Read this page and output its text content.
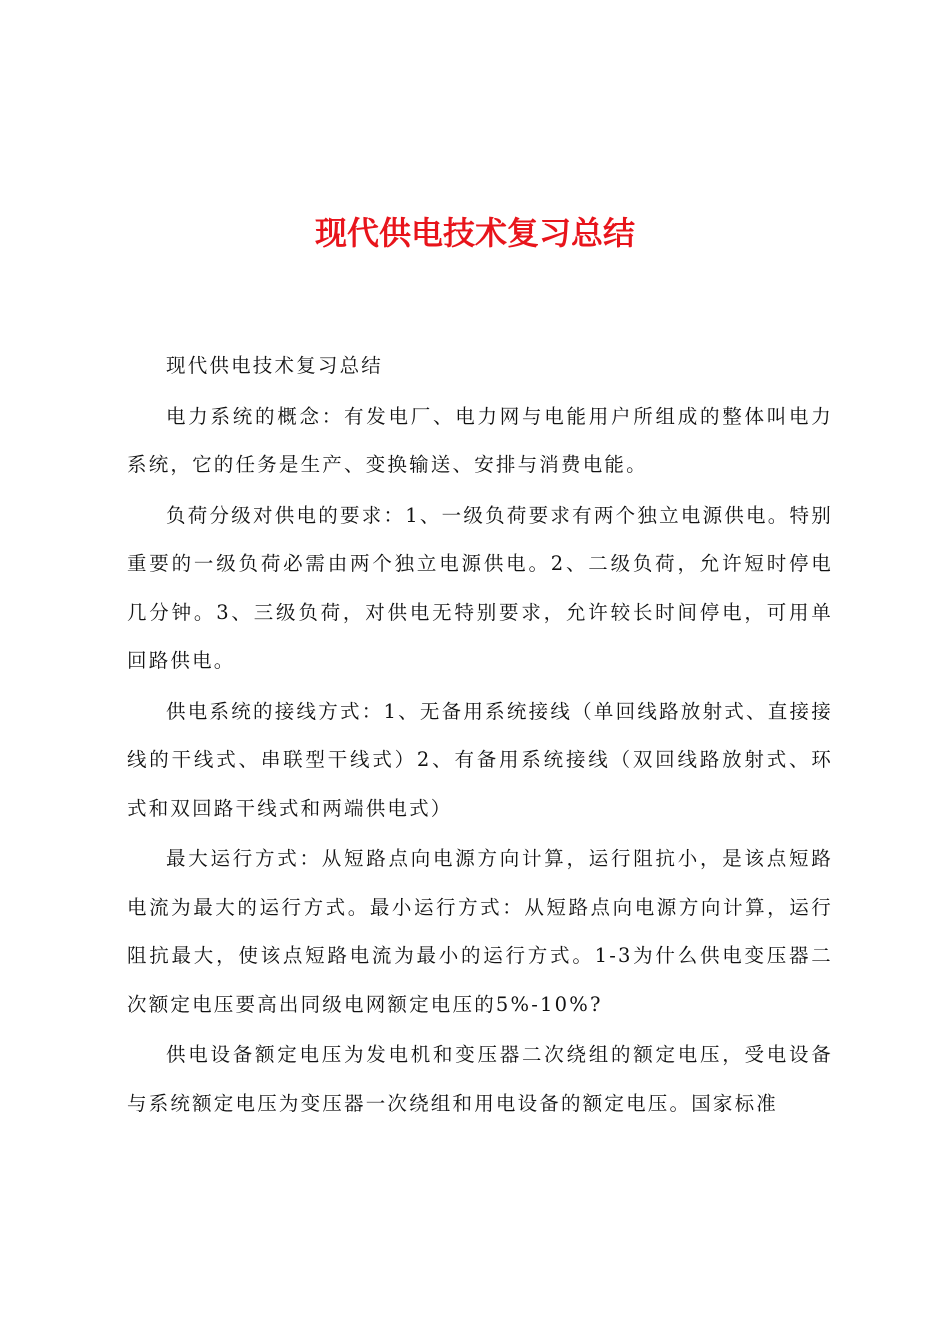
现代供电技术复习总结

现代供电技术复习总结

电力系统的概念：有发电厂、电力网与电能用户所组成的整体叫电力系统，它的任务是生产、变换输送、安排与消费电能。

负荷分级对供电的要求：1、一级负荷要求有两个独立电源供电。特别重要的一级负荷必需由两个独立电源供电。2、二级负荷，允许短时停电几分钟。3、三级负荷，对供电无特别要求，允许较长时间停电，可用单回路供电。

供电系统的接线方式：1、无备用系统接线（单回线路放射式、直接接线的干线式、串联型干线式）2、有备用系统接线（双回线路放射式、环式和双回路干线式和两端供电式）

最大运行方式：从短路点向电源方向计算，运行阻抗小，是该点短路电流为最大的运行方式。最小运行方式：从短路点向电源方向计算，运行阻抗最大，使该点短路电流为最小的运行方式。1-3为什么供电变压器二次额定电压要高出同级电网额定电压的5%-10%?

供电设备额定电压为发电机和变压器二次绕组的额定电压，受电设备与系统额定电压为变压器一次绕组和用电设备的额定电压。国家标准
